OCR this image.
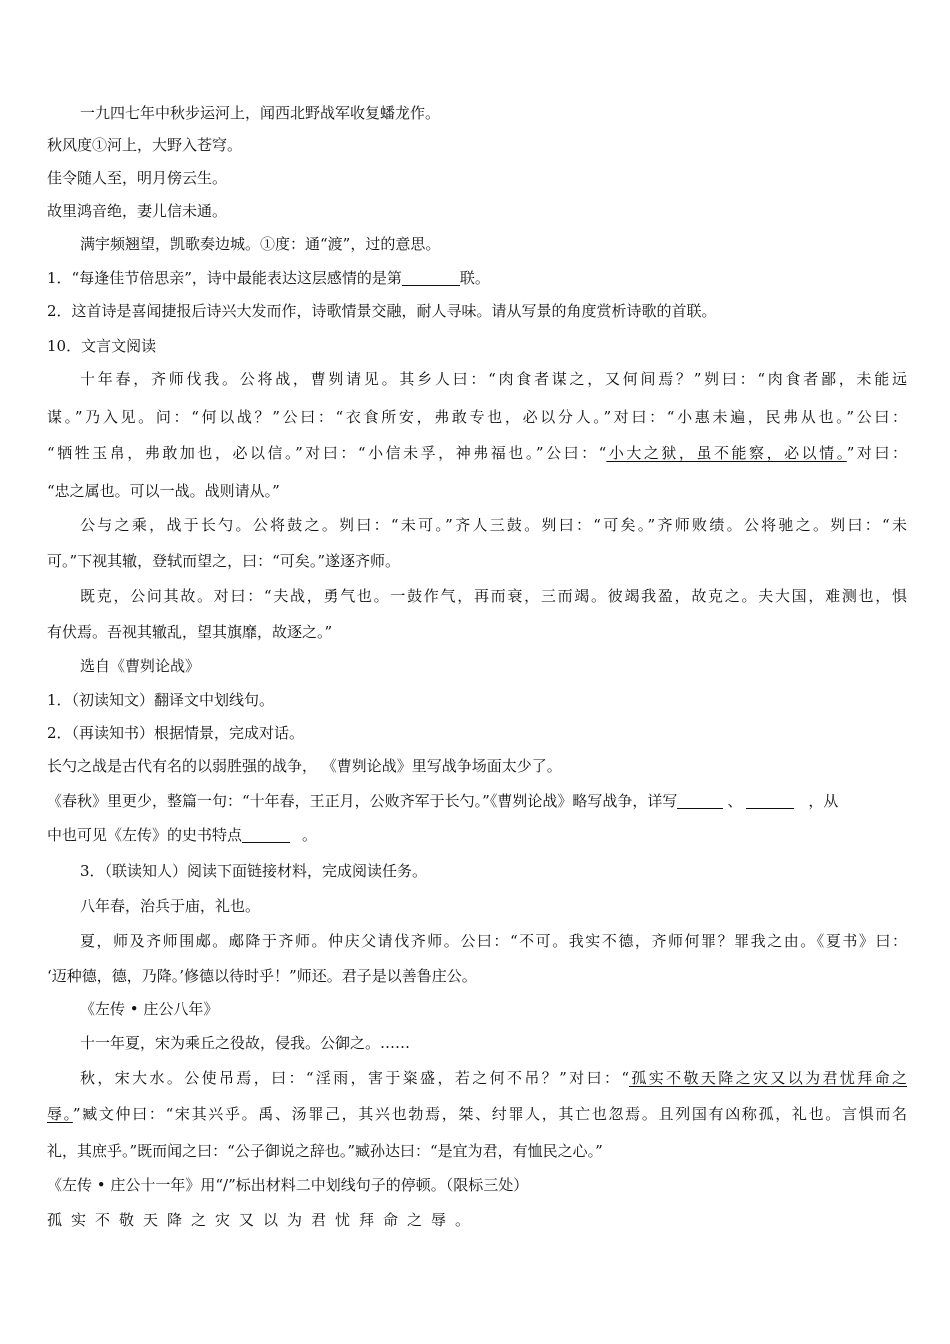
一九四七年中秋步运河上，闻西北野战军收复蟠龙作。
秋风度①河上，大野入苍穹。
佳令随人至，明月傍云生。
故里鸿音绝，妻儿信未通。
满宇频翘望，凯歌奏边城。①度：通“渡”，过的意思。
1．“每逢佳节倍思亲”，诗中最能表达这层感情的是第	联。
2．这首诗是喜闻捷报后诗兴大发而作，诗歌情景交融，耐人寻味。请从写景的角度赏析诗歌的首联。
10．文言文阅读
十年春，齐师伐我。公将战，曹刿请见。其乡人曰：“肉食者谋之，又何间焉？”刿曰：“肉食者鄙，未能远
谋。”乃入见。问：“何以战？”公曰：“衣食所安，弗敢专也，必以分人。”对曰：“小惠未遍，民弗从也。”公曰：
“牺牲玉帛，弗敢加也，必以信。”对曰：“小信未孚，神弗福也。”公曰：“小大之狱，虽不能察，必以情。”对曰：
“忠之属也。可以一战。战则请从。”
公与之乘，战于长勺。公将鼓之。刿曰：“未可。”齐人三鼓。刿曰：“可矣。”齐师败绩。公将驰之。刿曰：“未
可。”下视其辙，登轼而望之，曰：“可矣。”遂逐齐师。
既克，公问其故。对曰：“夫战，勇气也。一鼓作气，再而衰，三而竭。彼竭我盈，故克之。夫大国，难测也，惧
有伏焉。吾视其辙乱，望其旗靡，故逐之。”
选自《曹刿论战》
1．（初读知文）翻译文中划线句。
2．（再读知书）根据情景，完成对话。
长勺之战是古代有名的以弱胜强的战争， 《曹刿论战》里写战争场面太少了。
《春秋》里更少，整篇一句：“十年春，王正月，公败齐军于长勺。”《曹刿论战》略写战争，详写	、	，从
中也可见《左传》的史书特点	。
3．（联读知人）阅读下面链接材料，完成阅读任务。
八年春，治兵于庙，礼也。
夏，师及齐师围郕。郕降于齐师。仲庆父请伐齐师。公曰：“不可。我实不德，齐师何罪？罪我之由。《夏书》曰：
‘迈种德，德，乃降。’修德以待时乎！”师还。君子是以善鲁庄公。
《左传 • 庄公八年》
十一年夏，宋为乘丘之役故，侵我。公御之。……
秋，宋大水。公使吊焉，曰：“淫雨，害于粢盛，若之何不吊？”对曰：“孤实不敬天降之灾又以为君忧拜命之
辱。”臧文仲曰：“宋其兴乎。禹、汤罪己，其兴也勃焉，桀、纣罪人，其亡也忽焉。且列国有凶称孤，礼也。言惧而名
礼，其庶乎。”既而闻之曰：“公子御说之辞也。”臧孙达曰：“是宜为君，有恤民之心。”
《左传 • 庄公十一年》用“/”标出材料二中划线句子的停顿。（限标三处）
孤实不敬天降之灾又以为君忧拜命之辱。
